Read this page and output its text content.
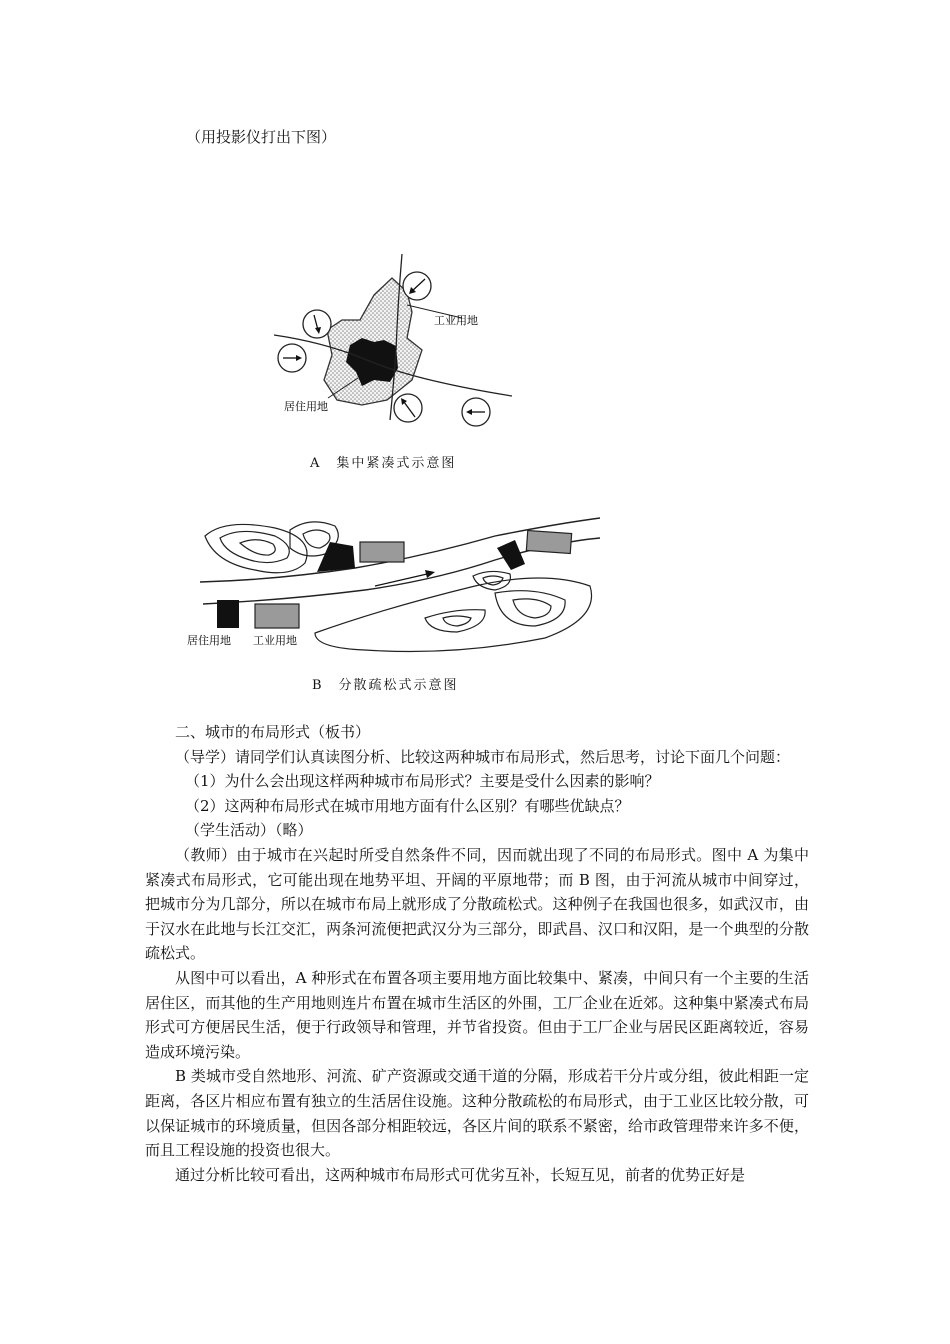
（用投影仪打出下图）
工业用地
居住用地
A　集中紧凑式示意图
居住用地 工业用地
B　分散疏松式示意图

二、城市的布局形式（板书）

（导学）请同学们认真读图分析、比较这两种城市布局形式，然后思考，讨论下面几个问题：

（1）为什么会出现这样两种城市布局形式？主要是受什么因素的影响？

（2）这两种布局形式在城市用地方面有什么区别？有哪些优缺点？

（学生活动）（略）

（教师）由于城市在兴起时所受自然条件不同，因而就出现了不同的布局形式。图中 A 为集中紧凑式布局形式，它可能出现在地势平坦、开阔的平原地带；而 B 图，由于河流从城市中间穿过，把城市分为几部分，所以在城市布局上就形成了分散疏松式。这种例子在我国也很多，如武汉市，由于汉水在此地与长江交汇，两条河流便把武汉分为三部分，即武昌、汉口和汉阳，是一个典型的分散疏松式。

从图中可以看出，A 种形式在布置各项主要用地方面比较集中、紧凑，中间只有一个主要的生活居住区，而其他的生产用地则连片布置在城市生活区的外围，工厂企业在近郊。这种集中紧凑式布局形式可方便居民生活，便于行政领导和管理，并节省投资。但由于工厂企业与居民区距离较近，容易造成环境污染。

B 类城市受自然地形、河流、矿产资源或交通干道的分隔，形成若干分片或分组，彼此相距一定距离，各区片相应布置有独立的生活居住设施。这种分散疏松的布局形式，由于工业区比较分散，可以保证城市的环境质量，但因各部分相距较远，各区片间的联系不紧密，给市政管理带来许多不便，而且工程设施的投资也很大。

通过分析比较可看出，这两种城市布局形式可优劣互补，长短互见，前者的优势正好是
